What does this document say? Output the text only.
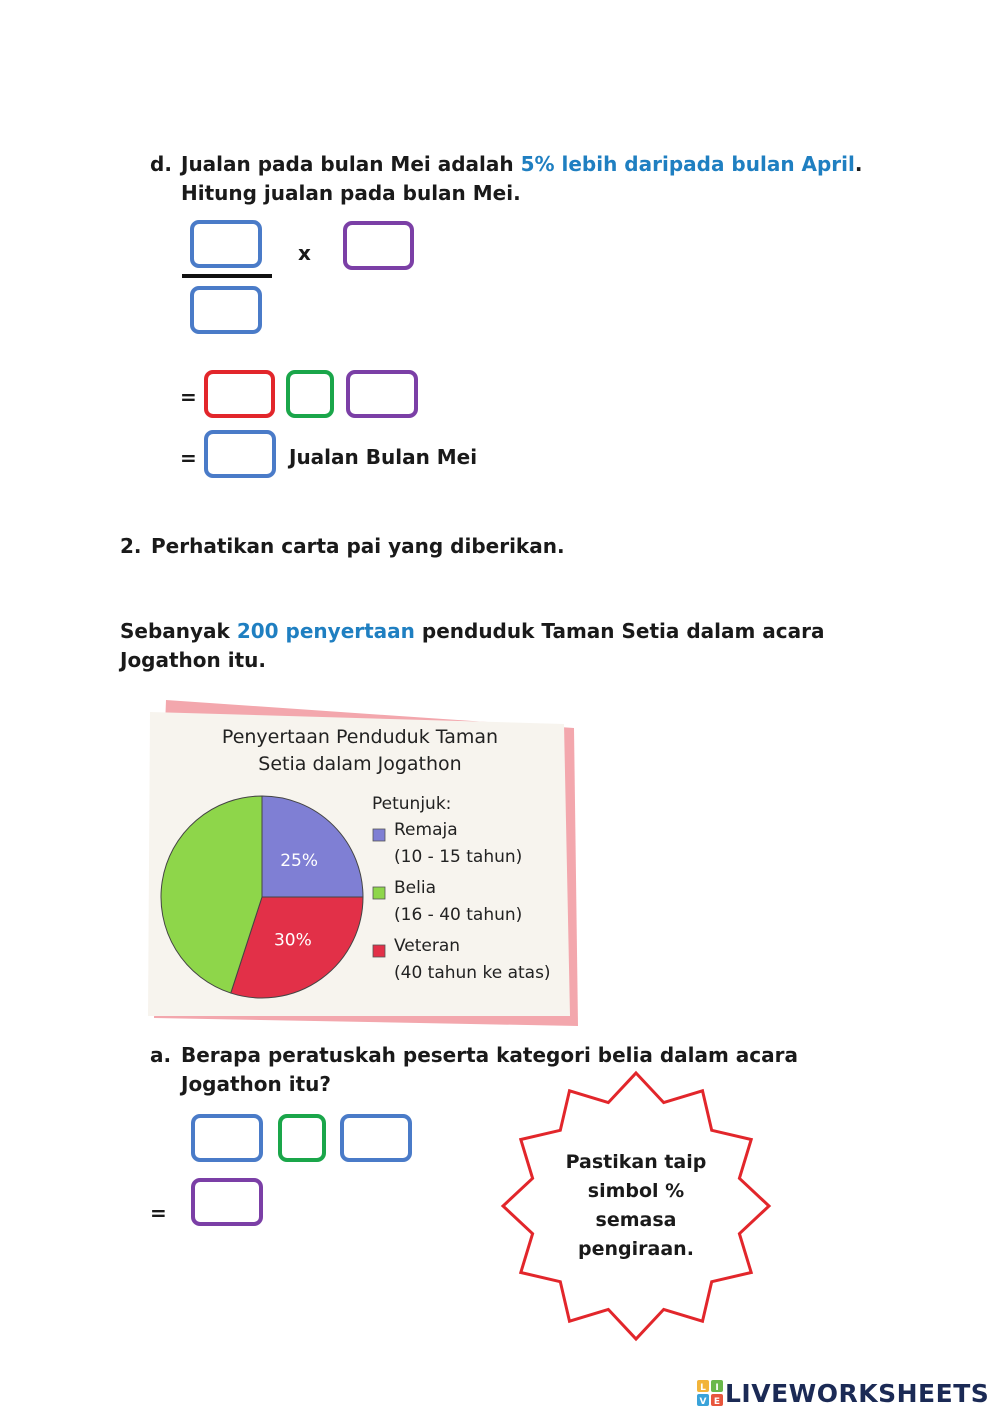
d. Jualan pada bulan Mei adalah 5% lebih daripada bulan April.
Hitung jualan pada bulan Mei.
x
=
=	Jualan Bulan Mei
2. Perhatikan carta pai yang diberikan.
Sebanyak 200 penyertaan penduduk Taman Setia dalam acara
Jogathon itu.
Penyertaan Penduduk Taman
Setia dalam Jogathon
25%
30%
Petunjuk:
Remaja
(10 - 15 tahun)
Belia
(16 - 40 tahun)
Veteran
(40 tahun ke atas)
a. Berapa peratuskah peserta kategori belia dalam acara
Jogathon itu?
=
Pastikan taip
simbol %
semasa
pengiraan.
L I
V E LIVEWORKSHEETS
